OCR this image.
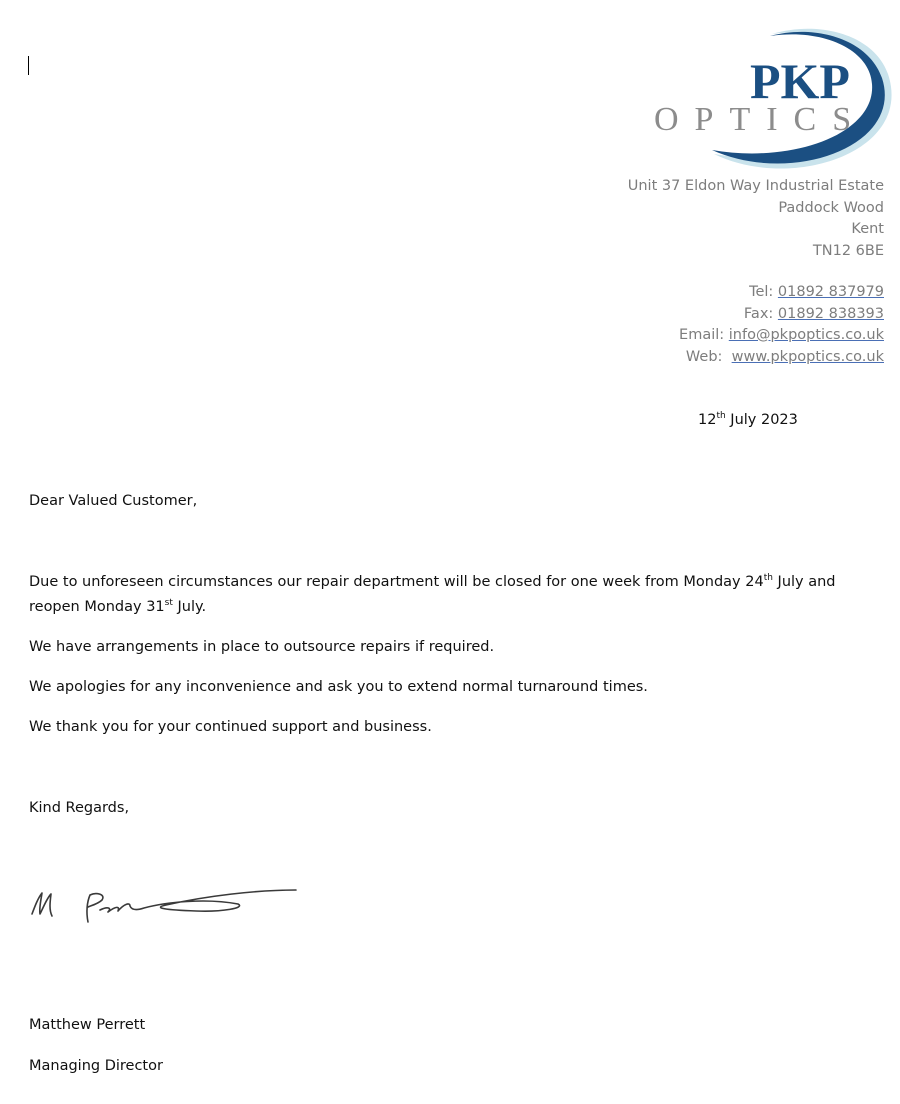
PKP
OPTICS
Unit 37 Eldon Way Industrial Estate
Paddock Wood
Kent
TN12 6BE
Tel: 01892 837979
Fax: 01892 838393
Email: info@pkpoptics.co.uk
Web:  www.pkpoptics.co.uk
12th July 2023
Dear Valued Customer,

Due to unforeseen circumstances our repair department will be closed for one week from Monday 24th July and reopen Monday 31st July.

We have arrangements in place to outsource repairs if required.

We apologies for any inconvenience and ask you to extend normal turnaround times.

We thank you for your continued support and business.

Kind Regards,
Matthew Perrett
Managing Director
